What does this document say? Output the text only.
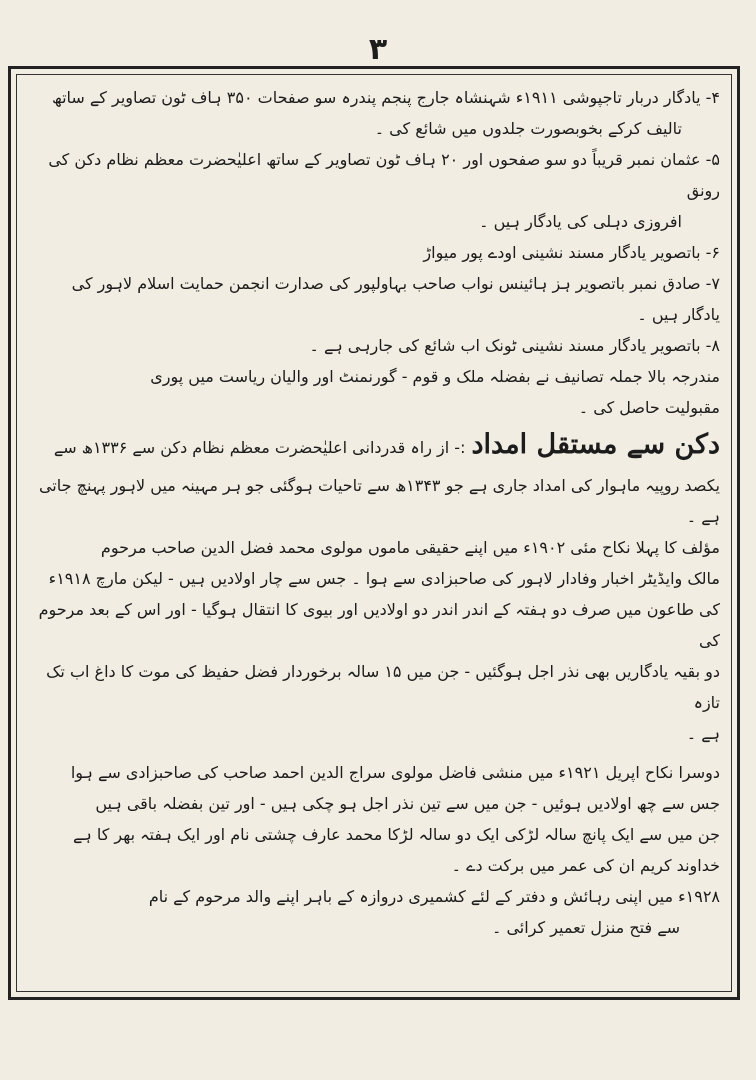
۳

۴- یادگار دربار تاجپوشی ۱۹۱۱ء شہنشاہ جارج پنجم پندرہ سو صفحات ۳۵۰ ہاف ٹون تصاویر کے ساتھ

تالیف کرکے بخوبصورت جلدوں میں شائع کی ۔

۵- عثمان نمبر قریباً دو سو صفحوں اور ۲۰ ہاف ٹون تصاویر کے ساتھ اعلیٰحضرت معظم نظام دکن کی رونق

افروزی دہلی کی یادگار ہیں ۔

۶- باتصویر یادگار مسند نشینی اودے پور میواڑ

۷- صادق نمبر باتصویر ہز ہائینس نواب صاحب بہاولپور کی صدارت انجمن حمایت اسلام لاہور کی یادگار ہیں ۔

۸- باتصویر یادگار مسند نشینی ٹونک اب شائع کی جارہی ہے ۔

مندرجہ بالا جملہ تصانیف نے بفضلہ ملک و قوم - گورنمنٹ اور والیان ریاست میں پوری

مقبولیت حاصل کی ۔

دکن سے مستقل امداد:- از راہ قدردانی اعلیٰحضرت معظم نظام دکن سے ۱۳۳۶ھ سے

یکصد روپیہ ماہوار کی امداد جاری ہے جو ۱۳۴۳ھ سے تاحیات ہوگئی جو ہر مہینہ میں لاہور پہنچ جاتی ہے ۔

مؤلف کا پہلا نکاح مئی ۱۹۰۲ء میں اپنے حقیقی ماموں مولوی محمد فضل الدین صاحب مرحوم

مالک وایڈیٹر اخبار وفادار لاہور کی صاحبزادی سے ہوا ۔ جس سے چار اولادیں ہیں - لیکن مارچ ۱۹۱۸ء

کی طاعون میں صرف دو ہفتہ کے اندر اندر دو اولادیں اور بیوی کا انتقال ہوگیا - اور اس کے بعد مرحوم کی

دو بقیہ یادگاریں بھی نذر اجل ہوگئیں - جن میں ۱۵ سالہ برخوردار فضل حفیظ کی موت کا داغ اب تک تازہ

ہے ۔

دوسرا نکاح اپریل ۱۹۲۱ء میں منشی فاضل مولوی سراج الدین احمد صاحب کی صاحبزادی سے ہوا

جس سے چھ اولادیں ہوئیں - جن میں سے تین نذر اجل ہو چکی ہیں - اور تین بفضلہ باقی ہیں

جن میں سے ایک پانچ سالہ لڑکی ایک دو سالہ لڑکا محمد عارف چشتی نام اور ایک ہفتہ بھر کا ہے

خداوند کریم ان کی عمر میں برکت دے ۔

۱۹۲۸ء میں اپنی رہائش و دفتر کے لئے کشمیری دروازہ کے باہر اپنے والد مرحوم کے نام

سے فتح منزل تعمیر کرائی ۔
